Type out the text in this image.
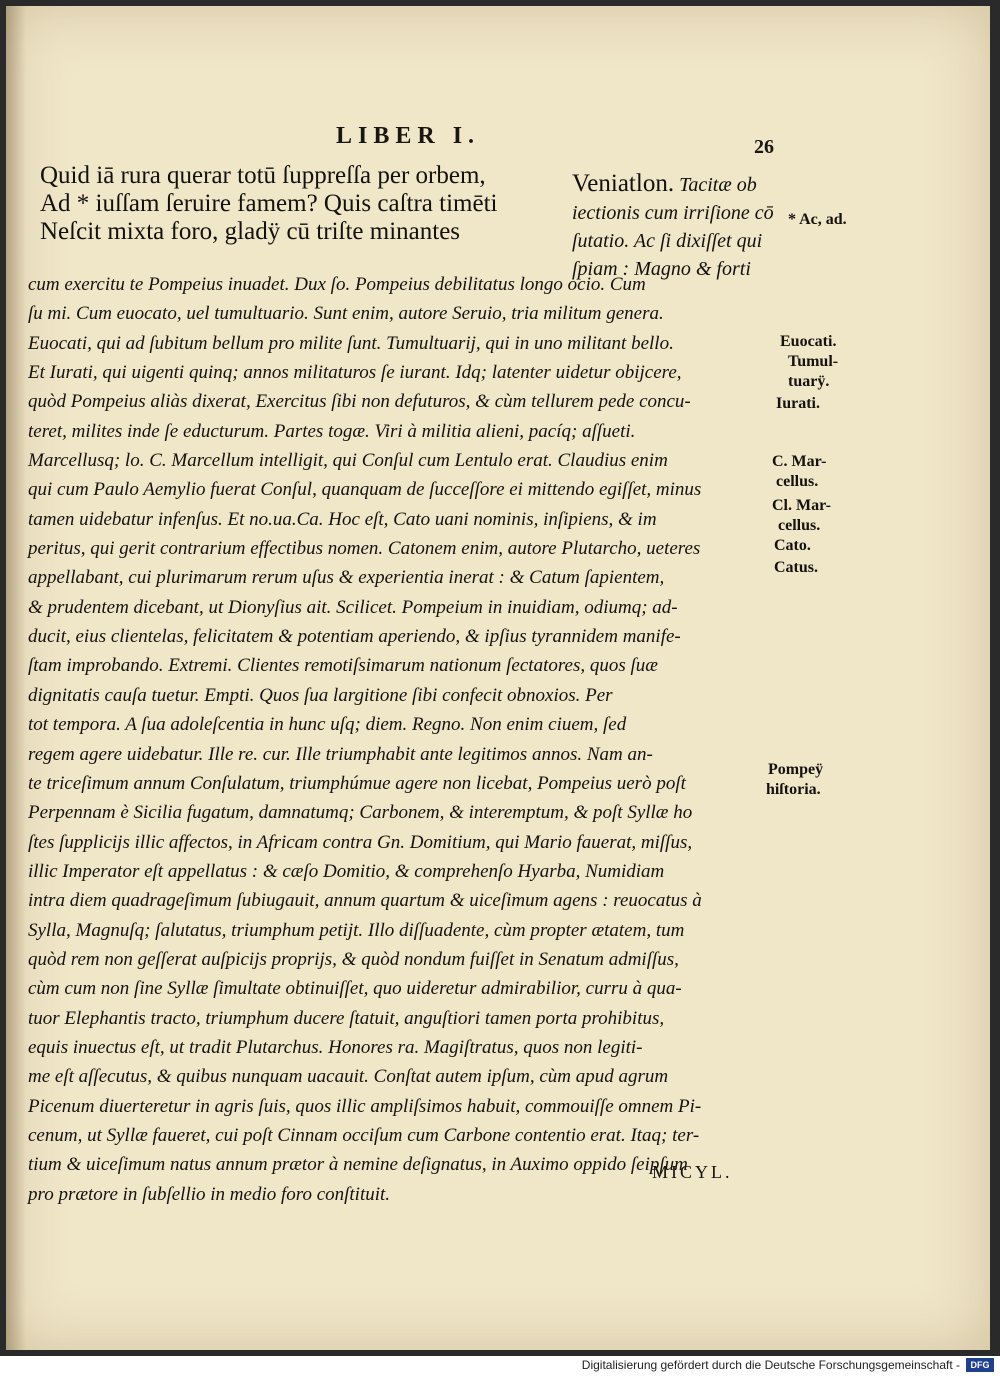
LIBER I.	26
Quid iā rura querar totū ſuppreſſa per orbem,
Ad * iuſſam ſeruire famem? Quis caſtra timēti
Neſcit mixta foro, gladÿ cū triſte minantes
Veniatlon. Tacitæ ob
iectionis cum irriſione cō
ſutatio. Ac ſi dixiſſet qui
ſpiam : Magno & forti
cum exercitu te Pompeius inuadet. Dux ſo. Pompeius debilitatus longo ocio. Cum
ſu mi. Cum euocato, uel tumultuario. Sunt enim, autore Seruio, tria militum genera.
Euocati, qui ad ſubitum bellum pro milite ſunt. Tumultuarij, qui in uno militant bello.
Et Iurati, qui uigenti quinq; annos militaturos ſe iurant. Idq; latenter uidetur obijcere,
quòd Pompeius aliàs dixerat, Exercitus ſibi non defuturos, & cùm tellurem pede concu-
teret, milites inde ſe educturum. Partes togæ. Viri à militia alieni, pacíq; aſſueti.
Marcellusq; lo. C. Marcellum intelligit, qui Conſul cum Lentulo erat. Claudius enim
qui cum Paulo Aemylio fuerat Conſul, quanquam de ſucceſſore ei mittendo egiſſet, minus
tamen uidebatur infenſus. Et no.ua.Ca. Hoc eſt, Cato uani nominis, inſipiens, & im
peritus, qui gerit contrarium effectibus nomen. Catonem enim, autore Plutarcho, ueteres
appellabant, cui plurimarum rerum uſus & experientia inerat : & Catum ſapientem,
& prudentem dicebant, ut Dionyſius ait. Scilicet. Pompeium in inuidiam, odiumq; ad-
ducit, eius clientelas, felicitatem & potentiam aperiendo, & ipſius tyrannidem manife-
ſtam improbando. Extremi. Clientes remotiſsimarum nationum ſectatores, quos ſuæ
dignitatis cauſa tuetur. Empti. Quos ſua largitione ſibi confecit obnoxios. Per
tot tempora. A ſua adoleſcentia in hunc uſq; diem. Regno. Non enim ciuem, ſed
regem agere uidebatur. Ille re. cur. Ille triumphabit ante legitimos annos. Nam an-
te triceſimum annum Conſulatum, triumphúmue agere non licebat, Pompeius uerò poſt
Perpennam è Sicilia fugatum, damnatumq; Carbonem, & interemptum, & poſt Syllæ ho
ſtes ſupplicijs illic affectos, in Africam contra Gn. Domitium, qui Mario fauerat, miſſus,
illic Imperator eſt appellatus : & cæſo Domitio, & comprehenſo Hyarba, Numidiam
intra diem quadrageſimum ſubiugauit, annum quartum & uiceſimum agens : reuocatus à
Sylla, Magnuſq; ſalutatus, triumphum petijt. Illo diſſuadente, cùm propter ætatem, tum
quòd rem non geſſerat auſpicijs proprijs, & quòd nondum fuiſſet in Senatum admiſſus,
cùm cum non ſine Syllæ ſimultate obtinuiſſet, quo uideretur admirabilior, curru à qua-
tuor Elephantis tracto, triumphum ducere ſtatuit, anguſtiori tamen porta prohibitus,
equis inuectus eſt, ut tradit Plutarchus. Honores ra. Magiſtratus, quos non legiti-
me eſt aſſecutus, & quibus nunquam uacauit. Conſtat autem ipſum, cùm apud agrum
Picenum diuerteretur in agris ſuis, quos illic ampliſsimos habuit, commouiſſe omnem Pi-
cenum, ut Syllæ faueret, cui poſt Cinnam occiſum cum Carbone contentio erat. Itaq; ter-
tium & uiceſimum natus annum prætor à nemine deſignatus, in Auximo oppido ſeipſum
pro prætore in ſubſellio in medio foro conſtituit.
* Ac, ad.
Euocati.
Tumul-
tuarÿ.
Iurati.
C. Mar-
cellus.
Cl. Mar-
cellus.
Cato.
Catus.
Pompeÿ
hiſtoria.
MICYL.
Digitalisierung gefördert durch die Deutsche Forschungsgemeinschaft -	DFG
